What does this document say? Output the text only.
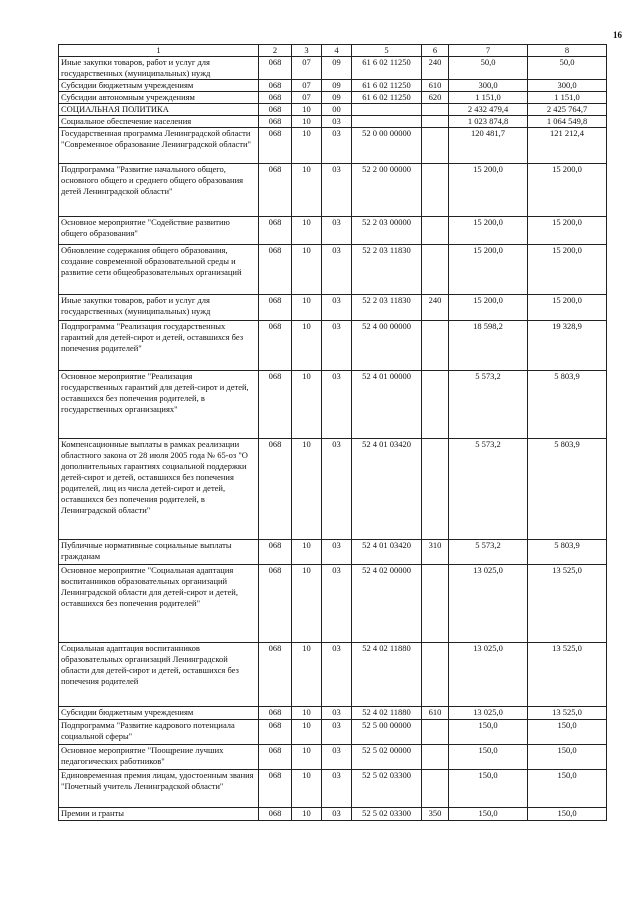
16
1	2	3	4	5	6	7	8
Иные закупки товаров, работ и услуг для государственных (муниципальных) нужд	068	07	09	61 6 02 11250	240	50,0	50,0
Субсидии бюджетным учреждениям	068	07	09	61 6 02 11250	610	300,0	300,0
Субсидии автономным учреждениям	068	07	09	61 6 02 11250	620	1 151,0	1 151,0
СОЦИАЛЬНАЯ ПОЛИТИКА	068	10	00			2 432 479,4	2 425 764,7
Социальное обеспечение населения	068	10	03			1 023 874,8	1 064 549,8
Государственная программа Ленинградской области "Современное образование Ленинградской области"	068	10	03	52 0 00 00000		120 481,7	121 212,4
Подпрограмма "Развитие начального общего, основного общего и среднего общего образования детей Ленинградской области"	068	10	03	52 2 00 00000		15 200,0	15 200,0
Основное мероприятие "Содействие развитию общего образования"	068	10	03	52 2 03 00000		15 200,0	15 200,0
Обновление содержания общего образования, создание современной образовательной среды и развитие сети общеобразовательных организаций	068	10	03	52 2 03 11830		15 200,0	15 200,0
Иные закупки товаров, работ и услуг для государственных (муниципальных) нужд	068	10	03	52 2 03 11830	240	15 200,0	15 200,0
Подпрограмма "Реализация государственных гарантий для детей-сирот и детей, оставшихся без попечения родителей"	068	10	03	52 4 00 00000		18 598,2	19 328,9
Основное мероприятие "Реализация государственных гарантий для детей-сирот и детей, оставшихся без попечения родителей, в государственных организациях"	068	10	03	52 4 01 00000		5 573,2	5 803,9
Компенсационные выплаты в рамках реализации областного закона от 28 июля 2005 года № 65-оз "О дополнительных гарантиях социальной поддержки детей-сирот и детей, оставшихся без попечения родителей, лиц из числа детей-сирот и детей, оставшихся без попечения родителей, в Ленинградской области"	068	10	03	52 4 01 03420		5 573,2	5 803,9
Публичные нормативные социальные выплаты гражданам	068	10	03	52 4 01 03420	310	5 573,2	5 803,9
Основное мероприятие "Социальная адаптация воспитанников образовательных организаций Ленинградской области для детей-сирот и детей, оставшихся без попечения родителей"	068	10	03	52 4 02 00000		13 025,0	13 525,0
Социальная адаптация воспитанников образовательных организаций Ленинградской области для детей-сирот и детей, оставшихся без попечения родителей	068	10	03	52 4 02 11880		13 025,0	13 525,0
Субсидии бюджетным учреждениям	068	10	03	52 4 02 11880	610	13 025,0	13 525,0
Подпрограмма "Развитие кадрового потенциала социальной сферы"	068	10	03	52 5 00 00000		150,0	150,0
Основное мероприятие "Поощрение лучших педагогических работников"	068	10	03	52 5 02 00000		150,0	150,0
Единовременная премия лицам, удостоенным звания "Почетный учитель Ленинградской области"	068	10	03	52 5 02 03300		150,0	150,0
Премии и гранты	068	10	03	52 5 02 03300	350	150,0	150,0
